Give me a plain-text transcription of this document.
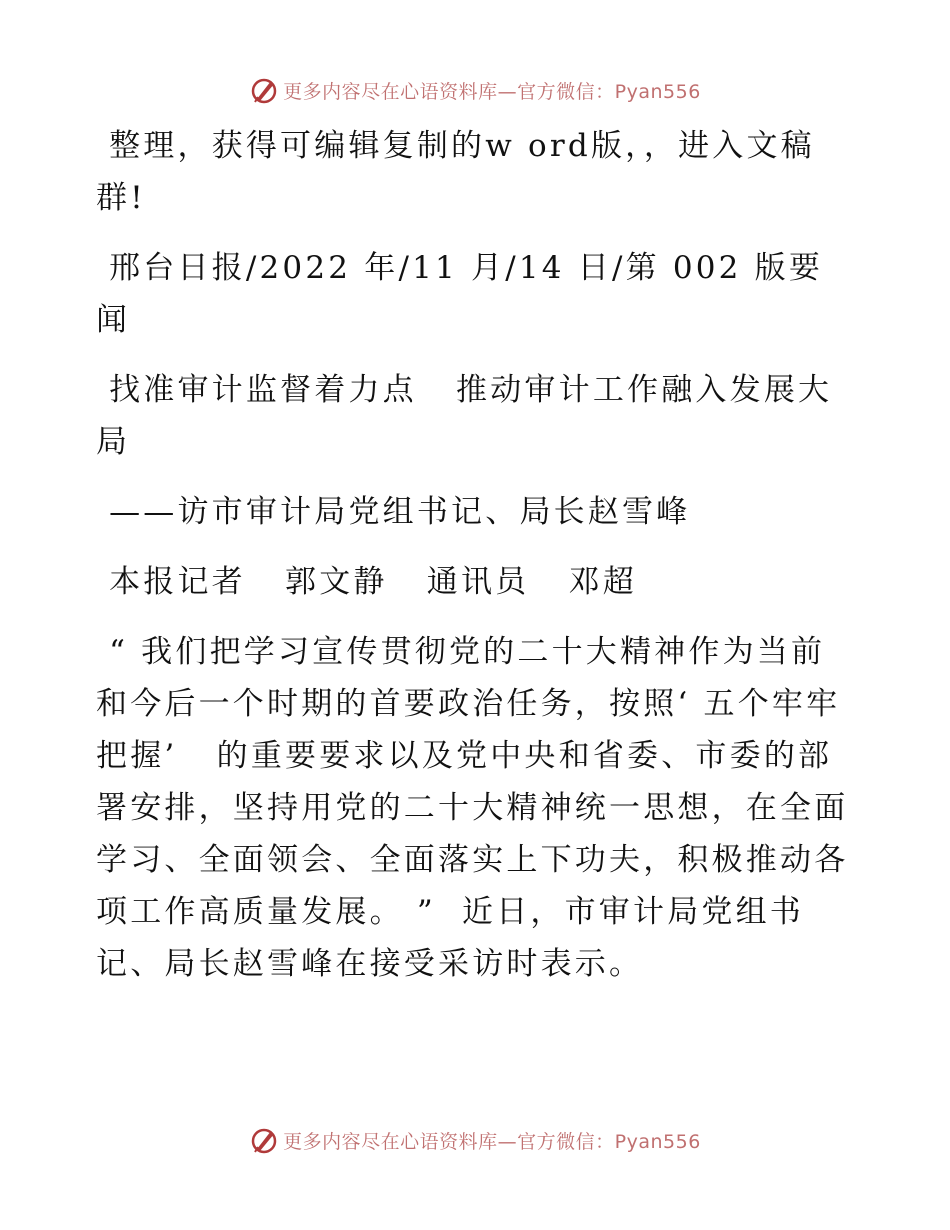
更多内容尽在心语资料库—官方微信：Pyan556

整理，获得可编辑复制的w ord版，，进入文稿群!

邢台日报/2022 年/11 月/14 日/第 002 版要闻

找准审计监督着力点   推动审计工作融入发展大局

——访市审计局党组书记、局长赵雪峰

本报记者   郭文静   通讯员   邓超

“ 我们把学习宣传贯彻党的二十大精神作为当前和今后一个时期的首要政治任务，按照‘ 五个牢牢把握’   的重要要求以及党中央和省委、市委的部署安排，坚持用党的二十大精神统一思想，在全面学习、全面领会、全面落实上下功夫，积极推动各项工作高质量发展。 ”  近日，市审计局党组书记、局长赵雪峰在接受采访时表示。

更多内容尽在心语资料库—官方微信：Pyan556
